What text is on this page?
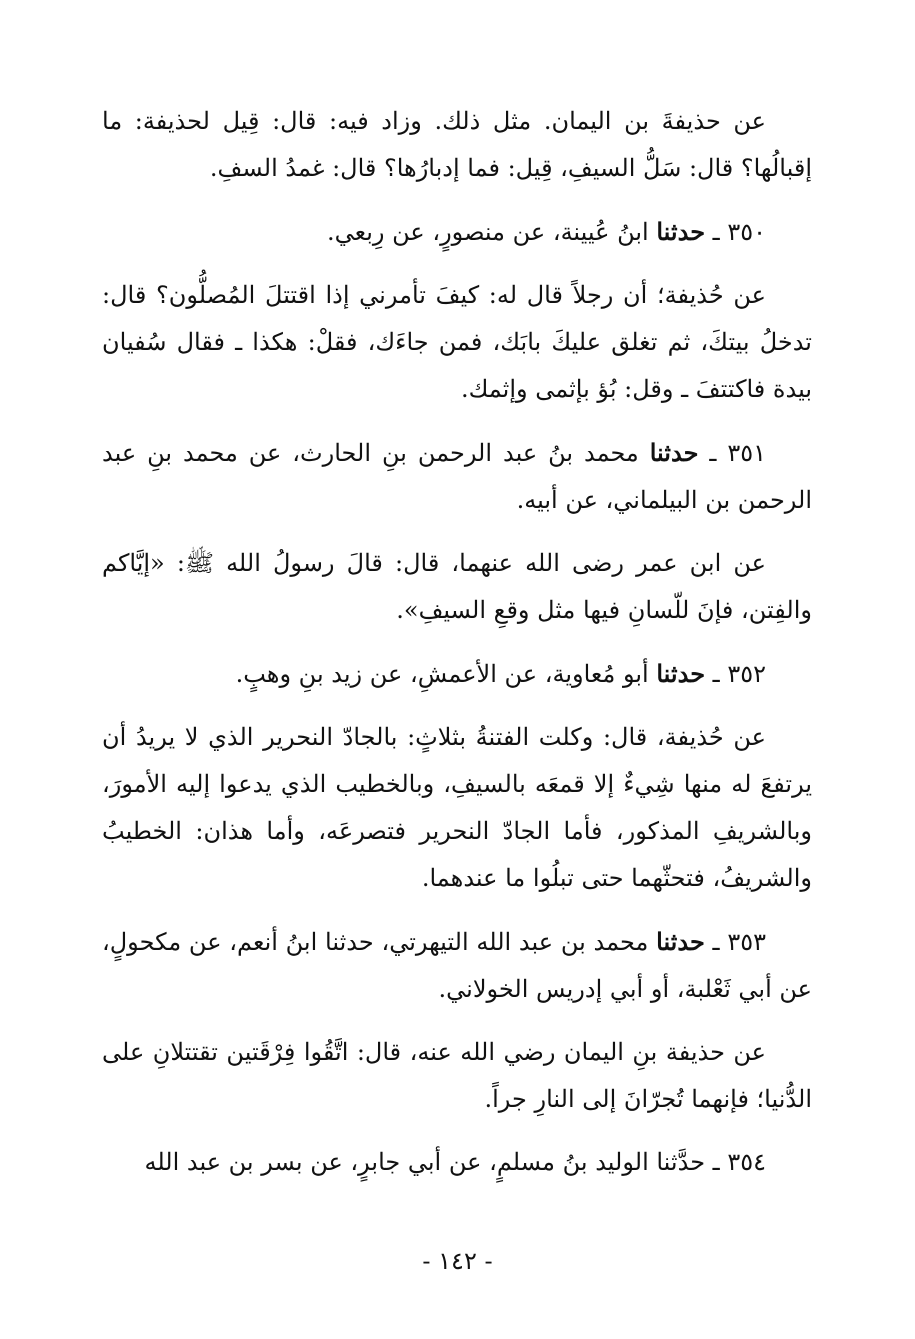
عن حذيفةَ بن اليمان. مثل ذلك. وزاد فيه: قال: قِيل لحذيفة: ما إقبالُها؟ قال: سَلُّ السيفِ، قِيل: فما إدبارُها؟ قال: غمدُ السفِ.

٣٥٠ ـ حدثنا ابنُ عُيينة، عن منصورٍ، عن رِبعي.

عن حُذيفة؛ أن رجلاً قال له: كيفَ تأمرني إذا اقتتلَ المُصلُّون؟ قال: تدخلُ بيتكَ، ثم تغلق عليكَ بابَك، فمن جاءَك، فقلْ: هكذا ـ فقال سُفيان بيدة فاكتتفَ ـ وقل: بُؤ بإثمى وإثمك.

٣٥١ ـ حدثنا محمد بنُ عبد الرحمن بنِ الحارث، عن محمد بنِ عبد الرحمن بن البيلماني، عن أبيه.

عن ابن عمر رضى الله عنهما، قال: قالَ رسولُ الله ﷺ: «إيَّاكم والفِتن، فإنَ للّسانِ فيها مثل وقعِ السيفِ».

٣٥٢ ـ حدثنا أبو مُعاوية، عن الأعمشِ، عن زيد بنِ وهبٍ.

عن حُذيفة، قال: وكلت الفتنةُ بثلاثٍ: بالجادّ النحرير الذي لا يريدُ أن يرتفعَ له منها شِيءٌ إلا قمعَه بالسيفِ، وبالخطيب الذي يدعوا إليه الأمورَ، وبالشريفِ المذكور، فأما الجادّ النحرير فتصرعَه، وأما هذان: الخطيبُ والشريفُ، فتحثّهما حتى تبلُوا ما عندهما.

٣٥٣ ـ حدثنا محمد بن عبد الله التيهرتي، حدثنا ابنُ أنعم، عن مكحولٍ، عن أبي ثَعْلبة، أو أبي إدريس الخولاني.

عن حذيفة بنِ اليمان رضي الله عنه، قال: اتَّقُوا فِرْقَتين تقتتلانِ على الدُّنيا؛ فإنهما تُجرّانَ إلى النارِ جراً.

٣٥٤ ـ حدَّثنا الوليد بنُ مسلمٍ، عن أبي جابرٍ، عن بسر بن عبد الله

- ١٤٢ -
